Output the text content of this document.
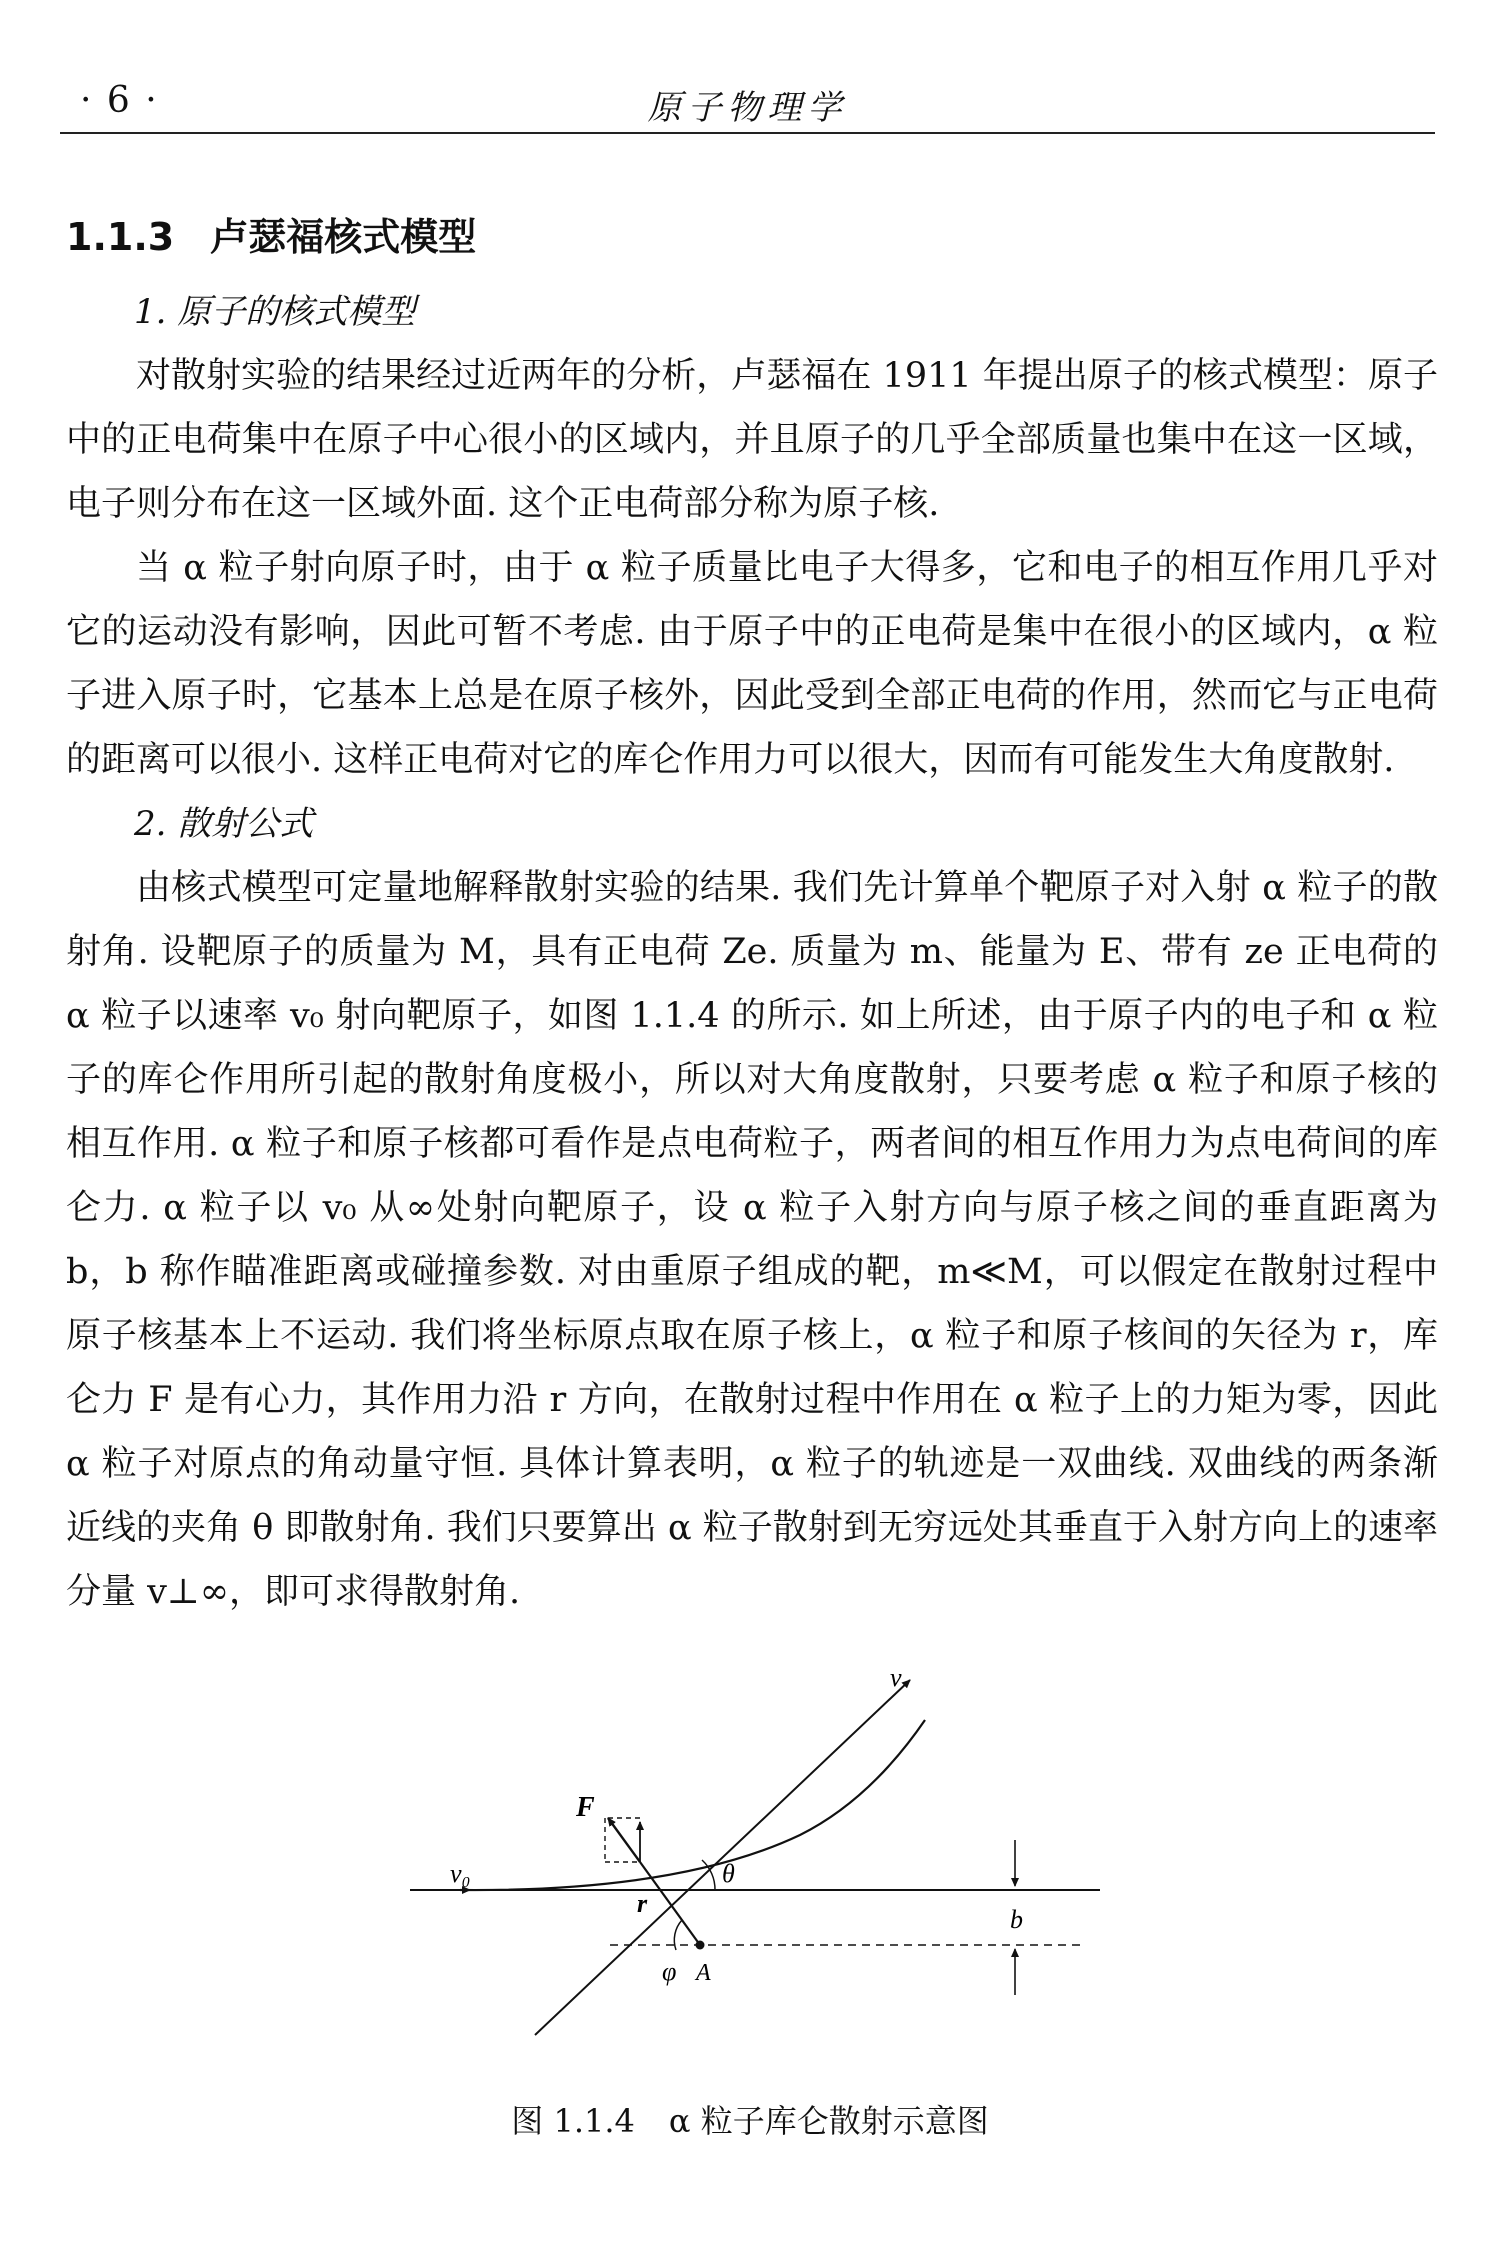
· 6 ·	原子物理学
1.1.3 卢瑟福核式模型

1. 原子的核式模型

对散射实验的结果经过近两年的分析，卢瑟福在 1911 年提出原子的核式模型：原子中的正电荷集中在原子中心很小的区域内，并且原子的几乎全部质量也集中在这一区域，电子则分布在这一区域外面. 这个正电荷部分称为原子核.

当 α 粒子射向原子时，由于 α 粒子质量比电子大得多，它和电子的相互作用几乎对它的运动没有影响，因此可暂不考虑. 由于原子中的正电荷是集中在很小的区域内，α 粒子进入原子时，它基本上总是在原子核外，因此受到全部正电荷的作用，然而它与正电荷的距离可以很小. 这样正电荷对它的库仑作用力可以很大，因而有可能发生大角度散射.

2. 散射公式

由核式模型可定量地解释散射实验的结果. 我们先计算单个靶原子对入射 α 粒子的散射角. 设靶原子的质量为 M，具有正电荷 Ze. 质量为 m、能量为 E、带有 ze 正电荷的 α 粒子以速率 v₀ 射向靶原子，如图 1.1.4 的所示. 如上所述，由于原子内的电子和 α 粒子的库仑作用所引起的散射角度极小，所以对大角度散射，只要考虑 α 粒子和原子核的相互作用. α 粒子和原子核都可看作是点电荷粒子，两者间的相互作用力为点电荷间的库仑力. α 粒子以 v₀ 从∞处射向靶原子，设 α 粒子入射方向与原子核之间的垂直距离为 b，b 称作瞄准距离或碰撞参数. 对由重原子组成的靶，m≪M，可以假定在散射过程中原子核基本上不运动. 我们将坐标原点取在原子核上，α 粒子和原子核间的矢径为 r，库仑力 F 是有心力，其作用力沿 r 方向，在散射过程中作用在 α 粒子上的力矩为零，因此 α 粒子对原点的角动量守恒. 具体计算表明，α 粒子的轨迹是一双曲线. 双曲线的两条渐近线的夹角 θ 即散射角. 我们只要算出 α 粒子散射到无穷远处其垂直于入射方向上的速率分量 v⊥∞，即可求得散射角.

v
F
v₀	θ
r
b
φ A
图 1.1.4 α 粒子库仑散射示意图
